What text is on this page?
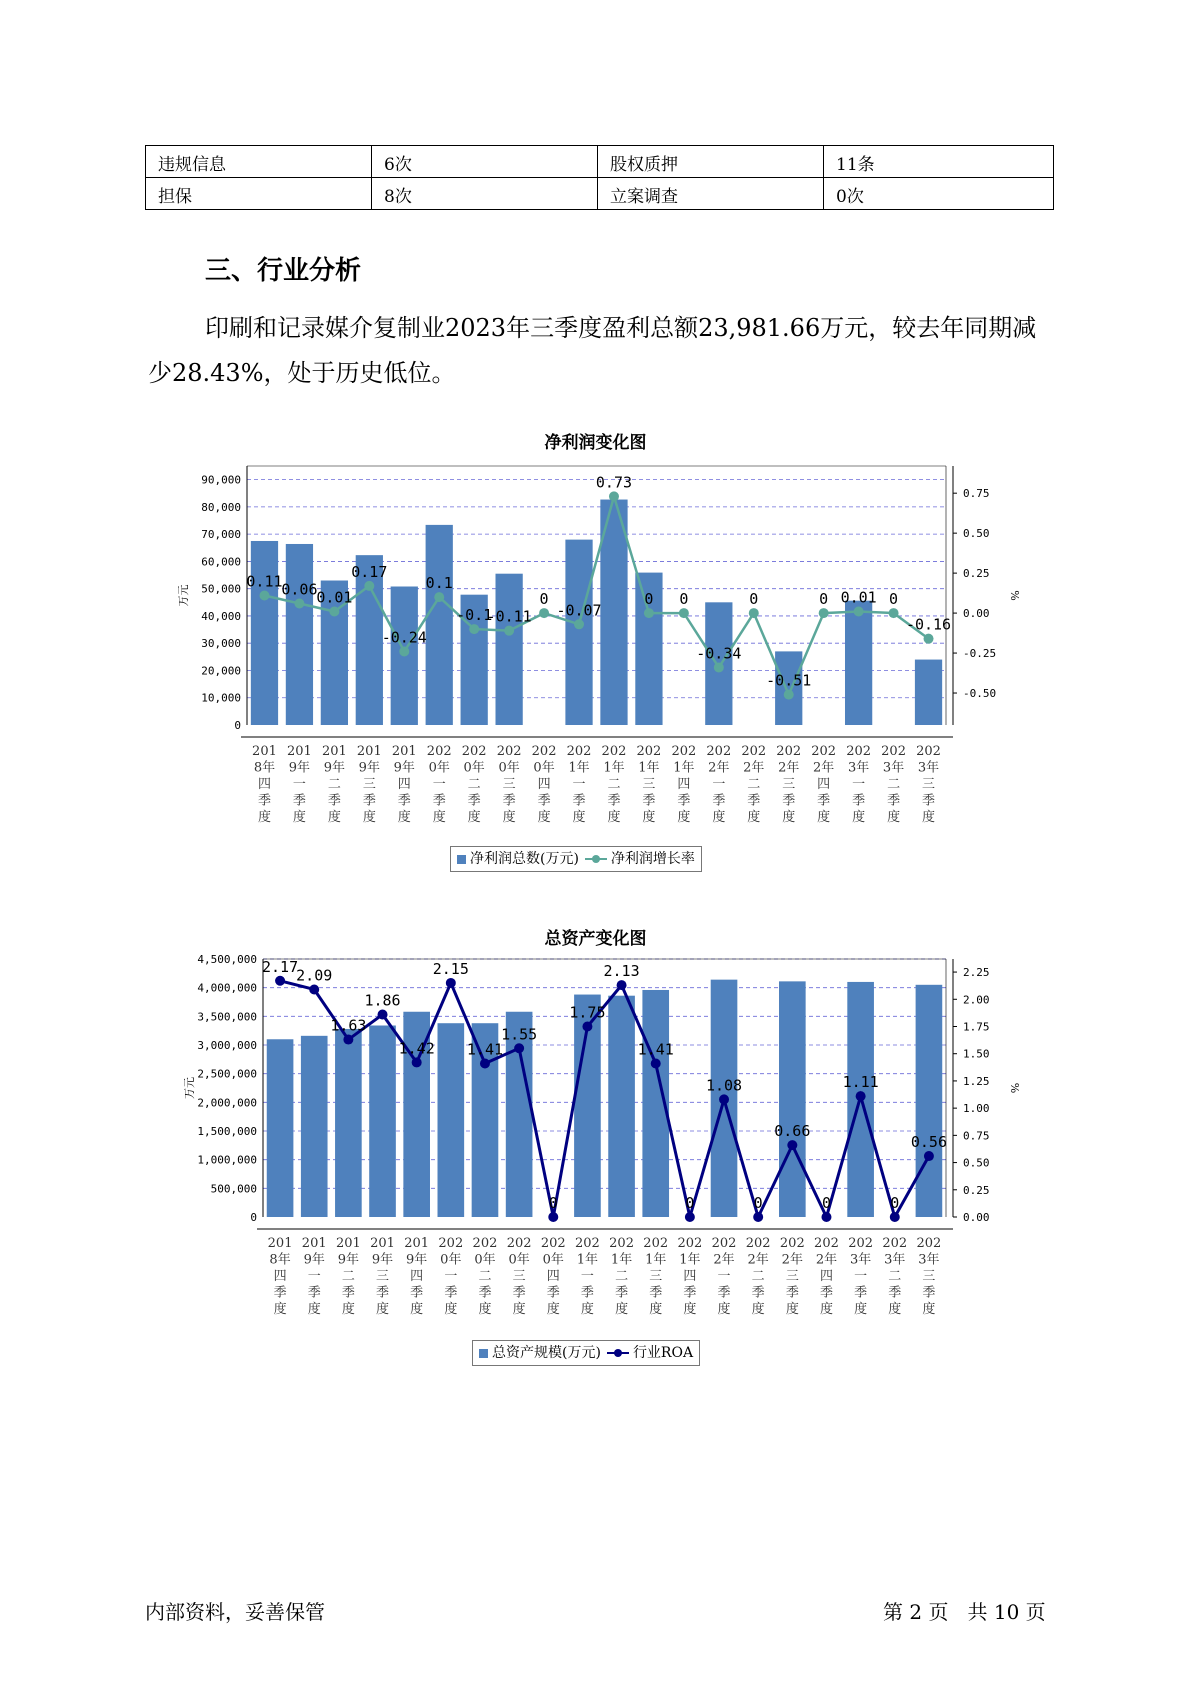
违规信息	6次	股权质押	11条
担保	8次	立案调查	0次
三、行业分析

印刷和记录媒介复制业2023年三季度盈利总额23,981.66万元，较去年同期减少28.43%，处于历史低位。

净利润变化图
0
10,000
20,000
30,000
40,000
50,000
60,000
70,000
80,000
90,000
-0.50
-0.25
0.00
0.25
0.50
0.75
万元	%
0.11
0.06
0.01
0.17
-0.24
0.1
-0.1
-0.11
0
-0.07
0.73
0 0
-0.34
0
-0.51
0 0.01 0
-0.16
201
8年
四
季
度
201
9年
一
季
度
201
9年
二
季
度
201
9年
三
季
度
201
9年
四
季
度
202
0年
一
季
度
202
0年
二
季
度
202
0年
三
季
度
202
0年
四
季
度
202
1年
一
季
度
202
1年
二
季
度
202
1年
三
季
度
202
1年
四
季
度
202
2年
一
季
度
202
2年
二
季
度
202
2年
三
季
度
202
2年
四
季
度
202
3年
一
季
度
202
3年
二
季
度
202
3年
三
季
度
净利润总数(万元) 净利润增长率
总资产变化图
0
500,000
1,000,000
1,500,000
2,000,000
2,500,000
3,000,000
3,500,000
4,000,000
4,500,000
0.00
0.25
0.50
0.75
1.00
1.25
1.50
1.75
2.00
2.25
万元	%
2.17
2.09
1.63
1.86
1.42
2.15
1.41
1.55
0
1.75
2.13
1.41
0
1.08
0
0.66
0
1.11
0
0.56
201
8年
四
季
度
201
9年
一
季
度
201
9年
二
季
度
201
9年
三
季
度
201
9年
四
季
度
202
0年
一
季
度
202
0年
二
季
度
202
0年
三
季
度
202
0年
四
季
度
202
1年
一
季
度
202
1年
二
季
度
202
1年
三
季
度
202
1年
四
季
度
202
2年
一
季
度
202
2年
二
季
度
202
2年
三
季
度
202
2年
四
季
度
202
3年
一
季
度
202
3年
二
季
度
202
3年
三
季
度
总资产规模(万元) 行业ROA
内部资料，妥善保管	第 2 页   共 10 页
